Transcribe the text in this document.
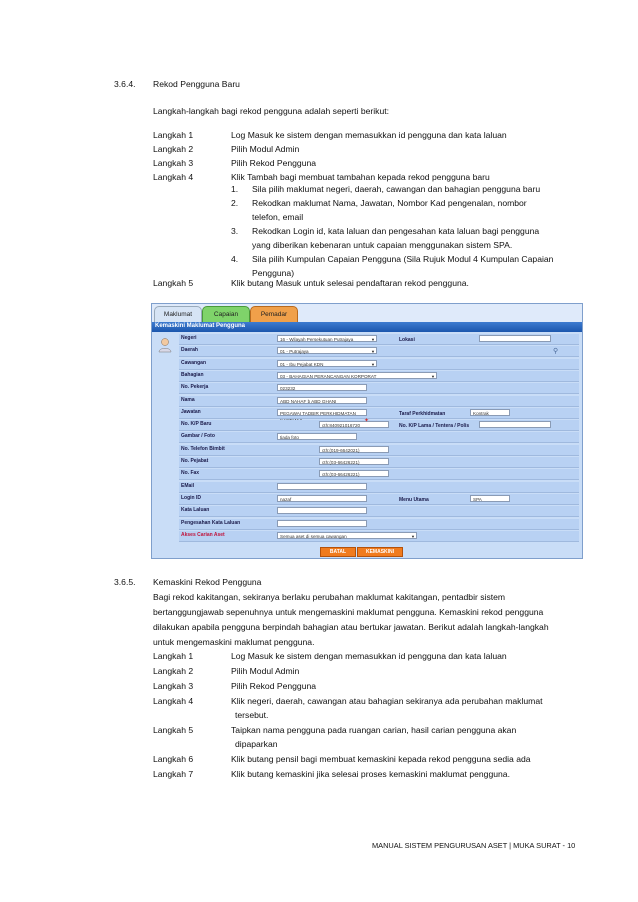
3.6.4. Rekod Pengguna Baru
Langkah-langkah bagi rekod pengguna adalah seperti berikut:
Langkah 1	Log Masuk ke sistem dengan memasukkan id pengguna dan kata laluan
Langkah 2	Pilih Modul Admin
Langkah 3	Pilih Rekod Pengguna
Langkah 4	Klik Tambah bagi membuat tambahan kepada rekod pengguna baru
1. Sila pilih maklumat negeri, daerah, cawangan dan bahagian pengguna baru
2. Rekodkan maklumat Nama, Jawatan, Nombor Kad pengenalan, nombor
telefon, email
3. Rekodkan Login id, kata laluan dan pengesahan kata laluan bagi pengguna
yang diberikan kebenaran untuk capaian menggunakan sistem SPA.
4. Sila pilih Kumpulan Capaian Pengguna (Sila Rujuk Modul 4 Kumpulan Capaian
Pengguna)
Langkah 5	Klik butang Masuk untuk selesai pendaftaran rekod pengguna.
Maklumat	Capaian	Pemadar
Kemaskini Maklumat Pengguna
Negeri	16 - Wilayah Persekutuan Putrajaya	▼
Daerah	01 - Putrajaya	▼
Cawangan	01 - Ibu Pejabat KDN	▼
Bahagian	03 - BAHAGIAN PERANCANGAN KORPORAT	▼
No. Pekerja	023232
Nama	ABD NAHAF b ABD GHANI
Jawatan	PEGAWAI TADBIR PERKHIDMATAN
No. K/P Baru	cth:840921016720
Gambar / Foto	tiada foto
No. Telefon Bimbit	cth:(019-6642021)
No. Pejabat	cth:(03-66426221)
No. Fax	cth:(03-66426221)
EMail
Login ID	nazaf
Kata Laluan
Pengesahan Kata Laluan
Akses Carian Aset	Semua aset di semua cawangan	▼
Lokasi
Taraf Perkhidmatan	Kontrak
No. K/P Lama / Tentera / Polis
Menu Utama	SPA
⚲
✦
BATAL	KEMASKINI
3.6.5. Kemaskini Rekod Pengguna
Bagi rekod kakitangan, sekiranya berlaku perubahan maklumat kakitangan, pentadbir sistem
bertanggungjawab sepenuhnya untuk mengemaskini maklumat pengguna. Kemaskini rekod pengguna
dilakukan apabila pengguna berpindah bahagian atau bertukar jawatan. Berikut adalah langkah-langkah
untuk mengemaskini maklumat pengguna.
Langkah 1	Log Masuk ke sistem dengan memasukkan id pengguna dan kata laluan
Langkah 2	Pilih Modul Admin
Langkah 3	Pilih Rekod Pengguna
Langkah 4	Klik negeri, daerah, cawangan atau bahagian sekiranya ada perubahan maklumat
tersebut.
Langkah 5	Taipkan nama pengguna pada ruangan carian, hasil carian pengguna akan
dipaparkan
Langkah 6	Klik butang pensil bagi membuat kemaskini kepada rekod pengguna sedia ada
Langkah 7	Klik butang kemaskini jika selesai proses kemaskini maklumat pengguna.
MANUAL SISTEM PENGURUSAN ASET | MUKA SURAT - 10
